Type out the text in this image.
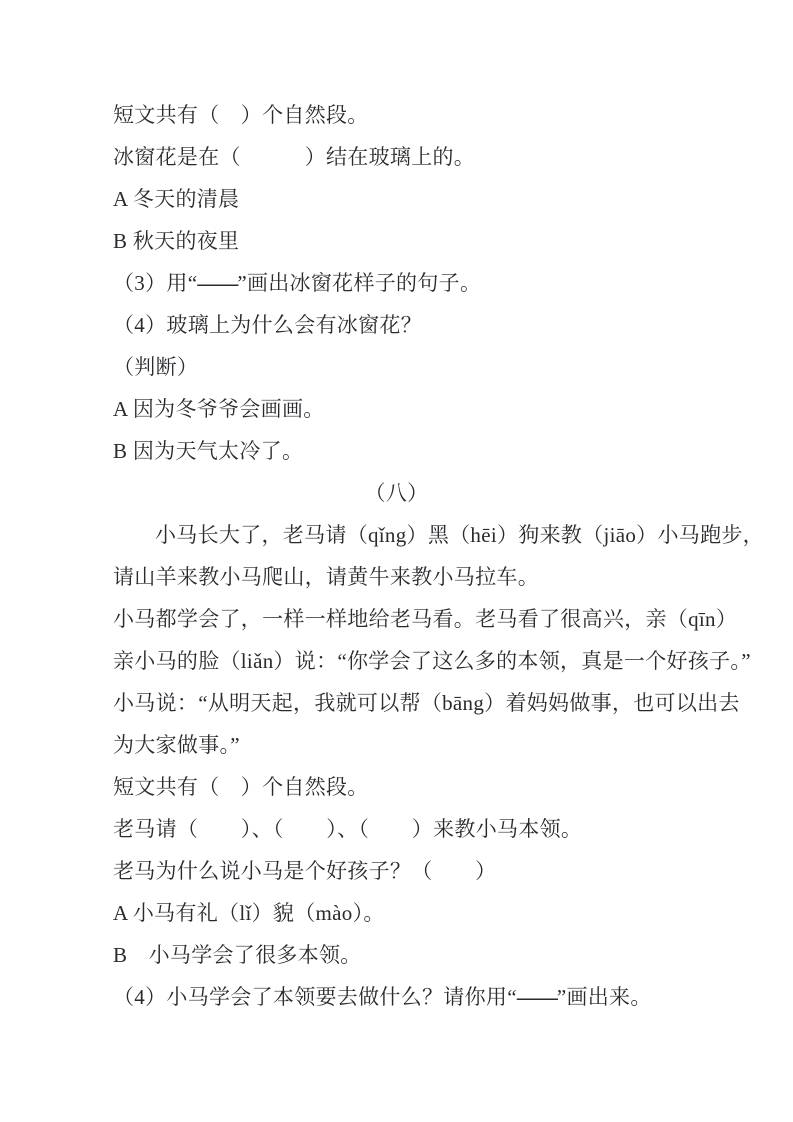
短文共有（　）个自然段。
冰窗花是在（　　　）结在玻璃上的。
A 冬天的清晨
B 秋天的夜里
（3）用“——”画出冰窗花样子的句子。
（4）玻璃上为什么会有冰窗花？
（判断）
A 因为冬爷爷会画画。
B 因为天气太冷了。
（八）
小马长大了，老马请（qǐng）黑（hēi）狗来教（jiāo）小马跑步，
请山羊来教小马爬山，请黄牛来教小马拉车。
小马都学会了，一样一样地给老马看。老马看了很高兴，亲（qīn）
亲小马的脸（liǎn）说：“你学会了这么多的本领，真是一个好孩子。”
小马说：“从明天起，我就可以帮（bāng）着妈妈做事，也可以出去
为大家做事。”
短文共有（　）个自然段。
老马请（　　）、（　　）、（　　）来教小马本领。
老马为什么说小马是个好孩子？（　　）
A 小马有礼（lǐ）貌（mào）。
B　小马学会了很多本领。
（4）小马学会了本领要去做什么？请你用“——”画出来。
